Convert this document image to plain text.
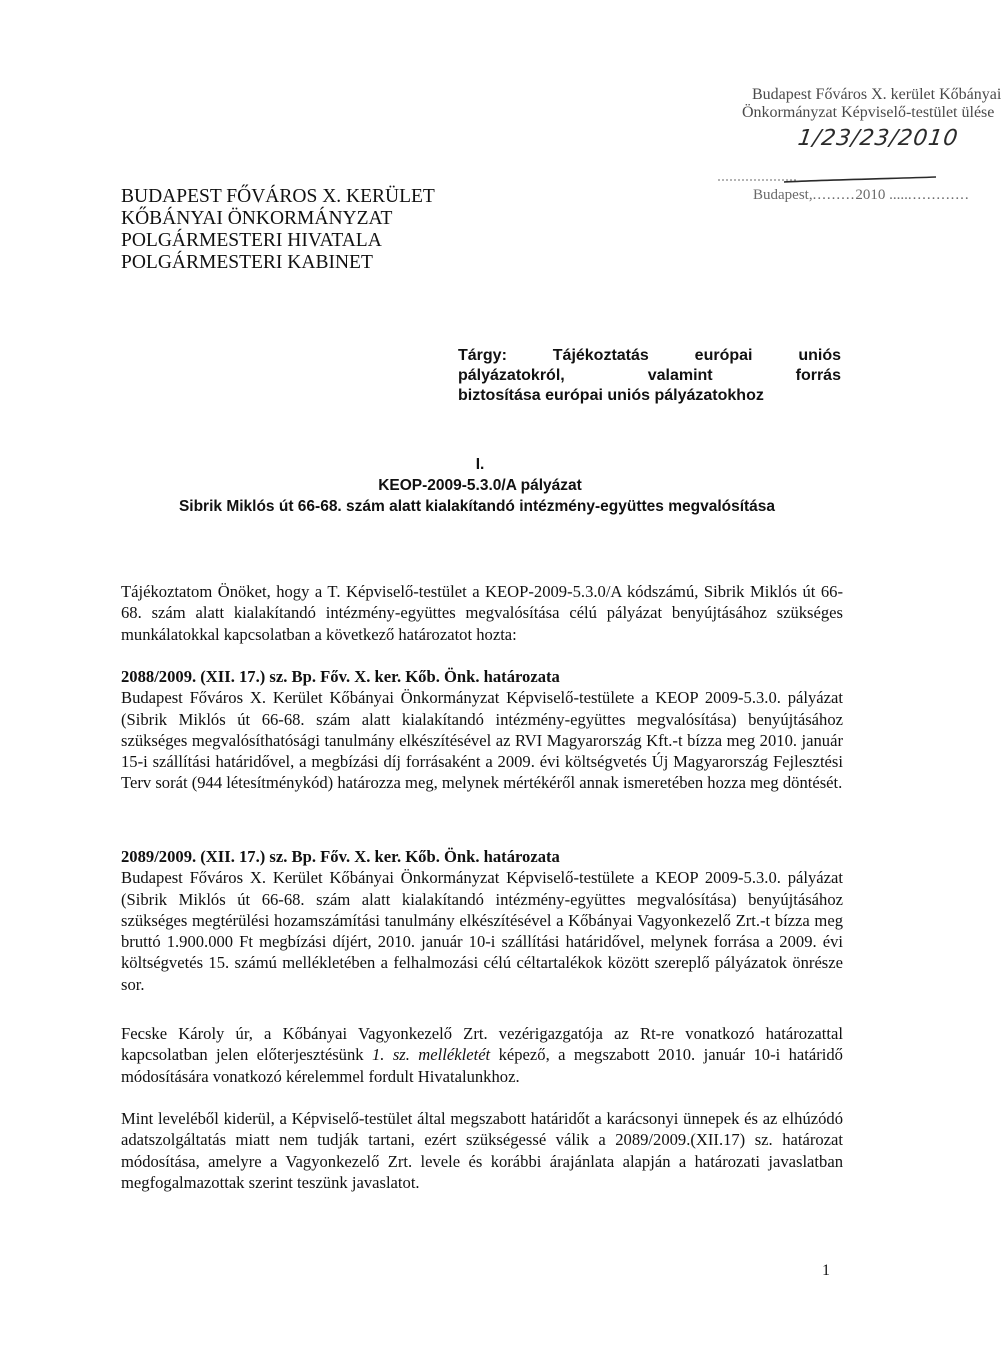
Budapest Főváros X. kerület Kőbányai
Önkormányzat Képviselő-testület ülése
1/23/23/2010
Budapest,.........2010 ..................
BUDAPEST FŐVÁROS X. KERÜLET
KŐBÁNYAI ÖNKORMÁNYZAT
POLGÁRMESTERI HIVATALA
POLGÁRMESTERI KABINET
Tárgy:	Tájékoztatás	európai	uniós
pályázatokról,	valamint	forrás
biztosítása európai uniós pályázatokhoz
I.
KEOP-2009-5.3.0/A pályázat
Sibrik Miklós út 66-68. szám alatt kialakítandó intézmény-együttes megvalósítása

Tájékoztatom Önöket, hogy a T. Képviselő-testület a KEOP-2009-5.3.0/A kódszámú, Sibrik Miklós út 66-68. szám alatt kialakítandó intézmény-együttes megvalósítása célú pályázat benyújtásához szükséges munkálatokkal kapcsolatban a következő határozatot hozta:

2088/2009. (XII. 17.) sz. Bp. Főv. X. ker. Kőb. Önk. határozata

Budapest Főváros X. Kerület Kőbányai Önkormányzat Képviselő-testülete a KEOP 2009-5.3.0. pályázat (Sibrik Miklós út 66-68. szám alatt kialakítandó intézmény-együttes megvalósítása) benyújtásához szükséges megvalósíthatósági tanulmány elkészítésével az RVI Magyarország Kft.-t bízza meg 2010. január 15-i szállítási határidővel, a megbízási díj forrásaként a 2009. évi költségvetés Új Magyarország Fejlesztési Terv sorát (944 létesítménykód) határozza meg, melynek mértékéről annak ismeretében hozza meg döntését.

2089/2009. (XII. 17.) sz. Bp. Főv. X. ker. Kőb. Önk. határozata

Budapest Főváros X. Kerület Kőbányai Önkormányzat Képviselő-testülete a KEOP 2009-5.3.0. pályázat (Sibrik Miklós út 66-68. szám alatt kialakítandó intézmény-együttes megvalósítása) benyújtásához szükséges megtérülési hozamszámítási tanulmány elkészítésével a Kőbányai Vagyonkezelő Zrt.-t bízza meg bruttó 1.900.000 Ft megbízási díjért, 2010. január 10-i szállítási határidővel, melynek forrása a 2009. évi költségvetés 15. számú mellékletében a felhalmozási célú céltartalékok között szereplő pályázatok önrésze sor.

Fecske Károly úr, a Kőbányai Vagyonkezelő Zrt. vezérigazgatója az Rt-re vonatkozó határozattal kapcsolatban jelen előterjesztésünk 1. sz. mellékletét képező, a megszabott 2010. január 10-i határidő módosítására vonatkozó kérelemmel fordult Hivatalunkhoz.

Mint leveléből kiderül, a Képviselő-testület által megszabott határidőt a karácsonyi ünnepek és az elhúzódó adatszolgáltatás miatt nem tudják tartani, ezért szükségessé válik a 2089/2009.(XII.17) sz. határozat módosítása, amelyre a Vagyonkezelő Zrt. levele és korábbi árajánlata alapján a határozati javaslatban megfogalmazottak szerint teszünk javaslatot.

1
